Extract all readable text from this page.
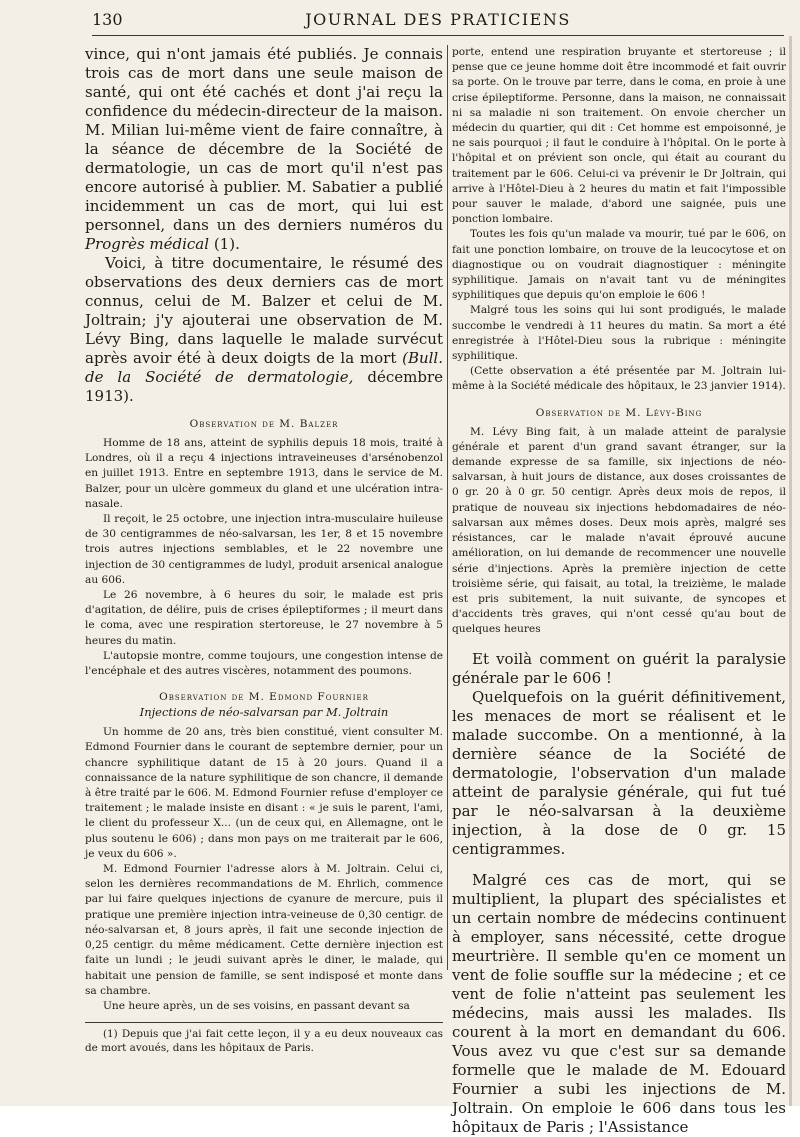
130	JOURNAL DES PRATICIENS

vince, qui n'ont jamais été publiés. Je connais trois cas de mort dans une seule maison de santé, qui ont été cachés et dont j'ai reçu la confidence du médecin-directeur de la maison. M. Milian lui-même vient de faire connaître, à la séance de décembre de la Société de dermatologie, un cas de mort qu'il n'est pas encore autorisé à publier. M. Sabatier a publié incidemment un cas de mort, qui lui est personnel, dans un des derniers numéros du Progrès médical (1).

Voici, à titre documentaire, le résumé des observations des deux derniers cas de mort connus, celui de M. Balzer et celui de M. Joltrain; j'y ajouterai une observation de M. Lévy Bing, dans laquelle le malade survécut après avoir été à deux doigts de la mort (Bull. de la Société de dermatologie, décembre 1913).

Observation de M. Balzer

Homme de 18 ans, atteint de syphilis depuis 18 mois, traité à Londres, où il a reçu 4 injections intraveineuses d'arsénobenzol en juillet 1913. Entre en septembre 1913, dans le service de M. Balzer, pour un ulcère gommeux du gland et une ulcération intra-nasale.

Il reçoit, le 25 octobre, une injection intra-musculaire huileuse de 30 centigrammes de néo-salvarsan, les 1er, 8 et 15 novembre trois autres injections semblables, et le 22 novembre une injection de 30 centigrammes de ludyl, produit arsenical analogue au 606.

Le 26 novembre, à 6 heures du soir, le malade est pris d'agitation, de délire, puis de crises épileptiformes ; il meurt dans le coma, avec une respiration stertoreuse, le 27 novembre à 5 heures du matin.

L'autopsie montre, comme toujours, une congestion intense de l'encéphale et des autres viscères, notamment des poumons.

Observation de M. Edmond Fournier
Injections de néo-salvarsan par M. Joltrain

Un homme de 20 ans, très bien constitué, vient consulter M. Edmond Fournier dans le courant de septembre dernier, pour un chancre syphilitique datant de 15 à 20 jours. Quand il a connaissance de la nature syphilitique de son chancre, il demande à être traité par le 606. M. Edmond Fournier refuse d'employer ce traitement ; le malade insiste en disant : « je suis le parent, l'ami, le client du professeur X... (un de ceux qui, en Allemagne, ont le plus soutenu le 606) ; dans mon pays on me traiterait par le 606, je veux du 606 ».

M. Edmond Fournier l'adresse alors à M. Joltrain. Celui ci, selon les dernières recommandations de M. Ehrlich, commence par lui faire quelques injections de cyanure de mercure, puis il pratique une première injection intra-veineuse de 0,30 centigr. de néo-salvarsan et, 8 jours après, il fait une seconde injection de 0,25 centigr. du même médicament. Cette dernière injection est faite un lundi ; le jeudi suivant après le diner, le malade, qui habitait une pension de famille, se sent indisposé et monte dans sa chambre.

Une heure après, un de ses voisins, en passant devant sa

(1) Depuis que j'ai fait cette leçon, il y a eu deux nouveaux cas de mort avoués, dans les hôpitaux de Paris.

porte, entend une respiration bruyante et stertoreuse ; il pense que ce jeune homme doit être incommodé et fait ouvrir sa porte. On le trouve par terre, dans le coma, en proie à une crise épileptiforme. Personne, dans la maison, ne connaissait ni sa maladie ni son traitement. On envoie chercher un médecin du quartier, qui dit : Cet homme est empoisonné, je ne sais pourquoi ; il faut le conduire à l'hôpital. On le porte à l'hôpital et on prévient son oncle, qui était au courant du traitement par le 606. Celui-ci va prévenir le Dr Joltrain, qui arrive à l'Hôtel-Dieu à 2 heures du matin et fait l'impossible pour sauver le malade, d'abord une saignée, puis une ponction lombaire.

Toutes les fois qu'un malade va mourir, tué par le 606, on fait une ponction lombaire, on trouve de la leucocytose et on diagnostique ou on voudrait diagnostiquer : méningite syphilitique. Jamais on n'avait tant vu de méningites syphilitiques que depuis qu'on emploie le 606 !

Malgré tous les soins qui lui sont prodigués, le malade succombe le vendredi à 11 heures du matin. Sa mort a été enregistrée à l'Hôtel-Dieu sous la rubrique : méningite syphilitique.

(Cette observation a été présentée par M. Joltrain lui-même à la Société médicale des hôpitaux, le 23 janvier 1914).

Observation de M. Lévy-Bing

M. Lévy Bing fait, à un malade atteint de paralysie générale et parent d'un grand savant étranger, sur la demande expresse de sa famille, six injections de néo-salvarsan, à huit jours de distance, aux doses croissantes de 0 gr. 20 à 0 gr. 50 centigr. Après deux mois de repos, il pratique de nouveau six injections hebdomadaires de néo-salvarsan aux mêmes doses. Deux mois après, malgré ses résistances, car le malade n'avait éprouvé aucune amélioration, on lui demande de recommencer une nouvelle série d'injections. Après la première injection de cette troisième série, qui faisait, au total, la treizième, le malade est pris subitement, la nuit suivante, de syncopes et d'accidents très graves, qui n'ont cessé qu'au bout de quelques heures

Et voilà comment on guérit la paralysie générale par le 606 !

Quelquefois on la guérit définitivement, les menaces de mort se réalisent et le malade succombe. On a mentionné, à la dernière séance de la Société de dermatologie, l'observation d'un malade atteint de paralysie générale, qui fut tué par le néo-salvarsan à la deuxième injection, à la dose de 0 gr. 15 centigrammes.

Malgré ces cas de mort, qui se multiplient, la plupart des spécialistes et un certain nombre de médecins continuent à employer, sans nécessité, cette drogue meurtrière. Il semble qu'en ce moment un vent de folie souffle sur la médecine ; et ce vent de folie n'atteint pas seulement les médecins, mais aussi les malades. Ils courent à la mort en demandant du 606. Vous avez vu que c'est sur sa demande formelle que le malade de M. Edouard Fournier a subi les injections de M. Joltrain. On emploie le 606 dans tous les hôpitaux de Paris ; l'Assistance
